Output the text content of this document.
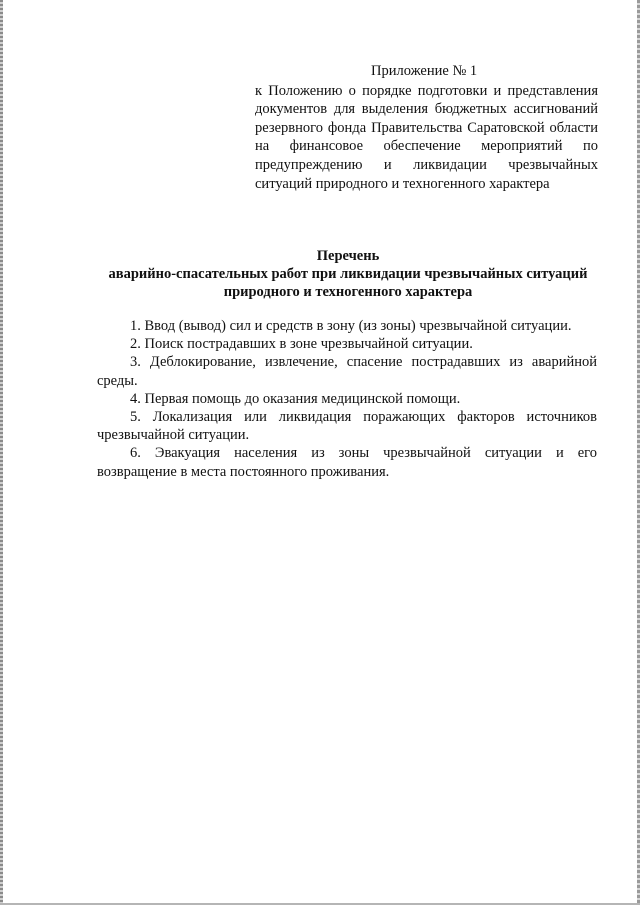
Приложение № 1
к Положению о порядке подготовки и представления документов для выделения бюджетных ассигнований резервного фонда Правительства Саратовской области на финансовое обеспечение мероприятий по предупреждению и ликвидации чрезвычайных ситуаций природного и техногенного характера
Перечень
аварийно-спасательных работ при ликвидации чрезвычайных ситуаций
природного и техногенного характера

1. Ввод (вывод) сил и средств в зону (из зоны) чрезвычайной ситуации.

2. Поиск пострадавших в зоне чрезвычайной ситуации.

3. Деблокирование, извлечение, спасение пострадавших из аварийной среды.

4. Первая помощь до оказания медицинской помощи.

5. Локализация или ликвидация поражающих факторов источников чрезвычайной ситуации.

6. Эвакуация населения из зоны чрезвычайной ситуации и его возвращение в места постоянного проживания.
